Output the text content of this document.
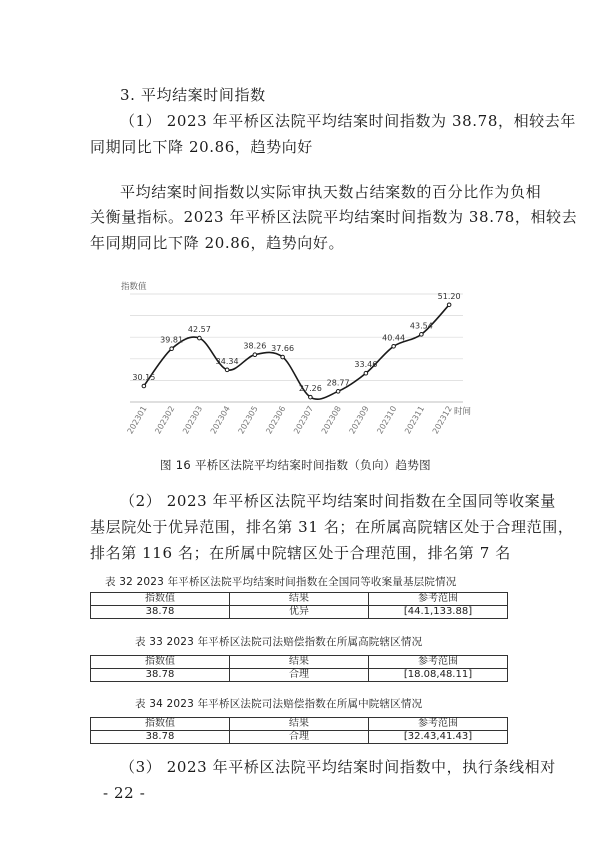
3. 平均结案时间指数
（1） 2023 年平桥区法院平均结案时间指数为 38.78，相较去年
同期同比下降 20.86，趋势向好
平均结案时间指数以实际审执天数占结案数的百分比作为负相
关衡量指标。2023 年平桥区法院平均结案时间指数为 38.78，相较去
年同期同比下降 20.86，趋势向好。
30.15
202301
39.81
202302
42.57
202303
34.34
202304
38.26
202305
37.66
202306
27.26
202307
28.77
202308
33.46
202309
40.44
202310
43.54
202311
51.20
202312
指数值
时间
图 16 平桥区法院平均结案时间指数（负向）趋势图
（2） 2023 年平桥区法院平均结案时间指数在全国同等收案量
基层院处于优异范围，排名第 31 名；在所属高院辖区处于合理范围，
排名第 116 名；在所属中院辖区处于合理范围，排名第 7 名
表 32 2023 年平桥区法院平均结案时间指数在全国同等收案量基层院情况
指数值	结果	参考范围
38.78	优异	[44.1,133.88]
表 33 2023 年平桥区法院司法赔偿指数在所属高院辖区情况
指数值	结果	参考范围
38.78	合理	[18.08,48.11]
表 34 2023 年平桥区法院司法赔偿指数在所属中院辖区情况
指数值	结果	参考范围
38.78	合理	[32.43,41.43]
（3） 2023 年平桥区法院平均结案时间指数中，执行条线相对
- 22 -
